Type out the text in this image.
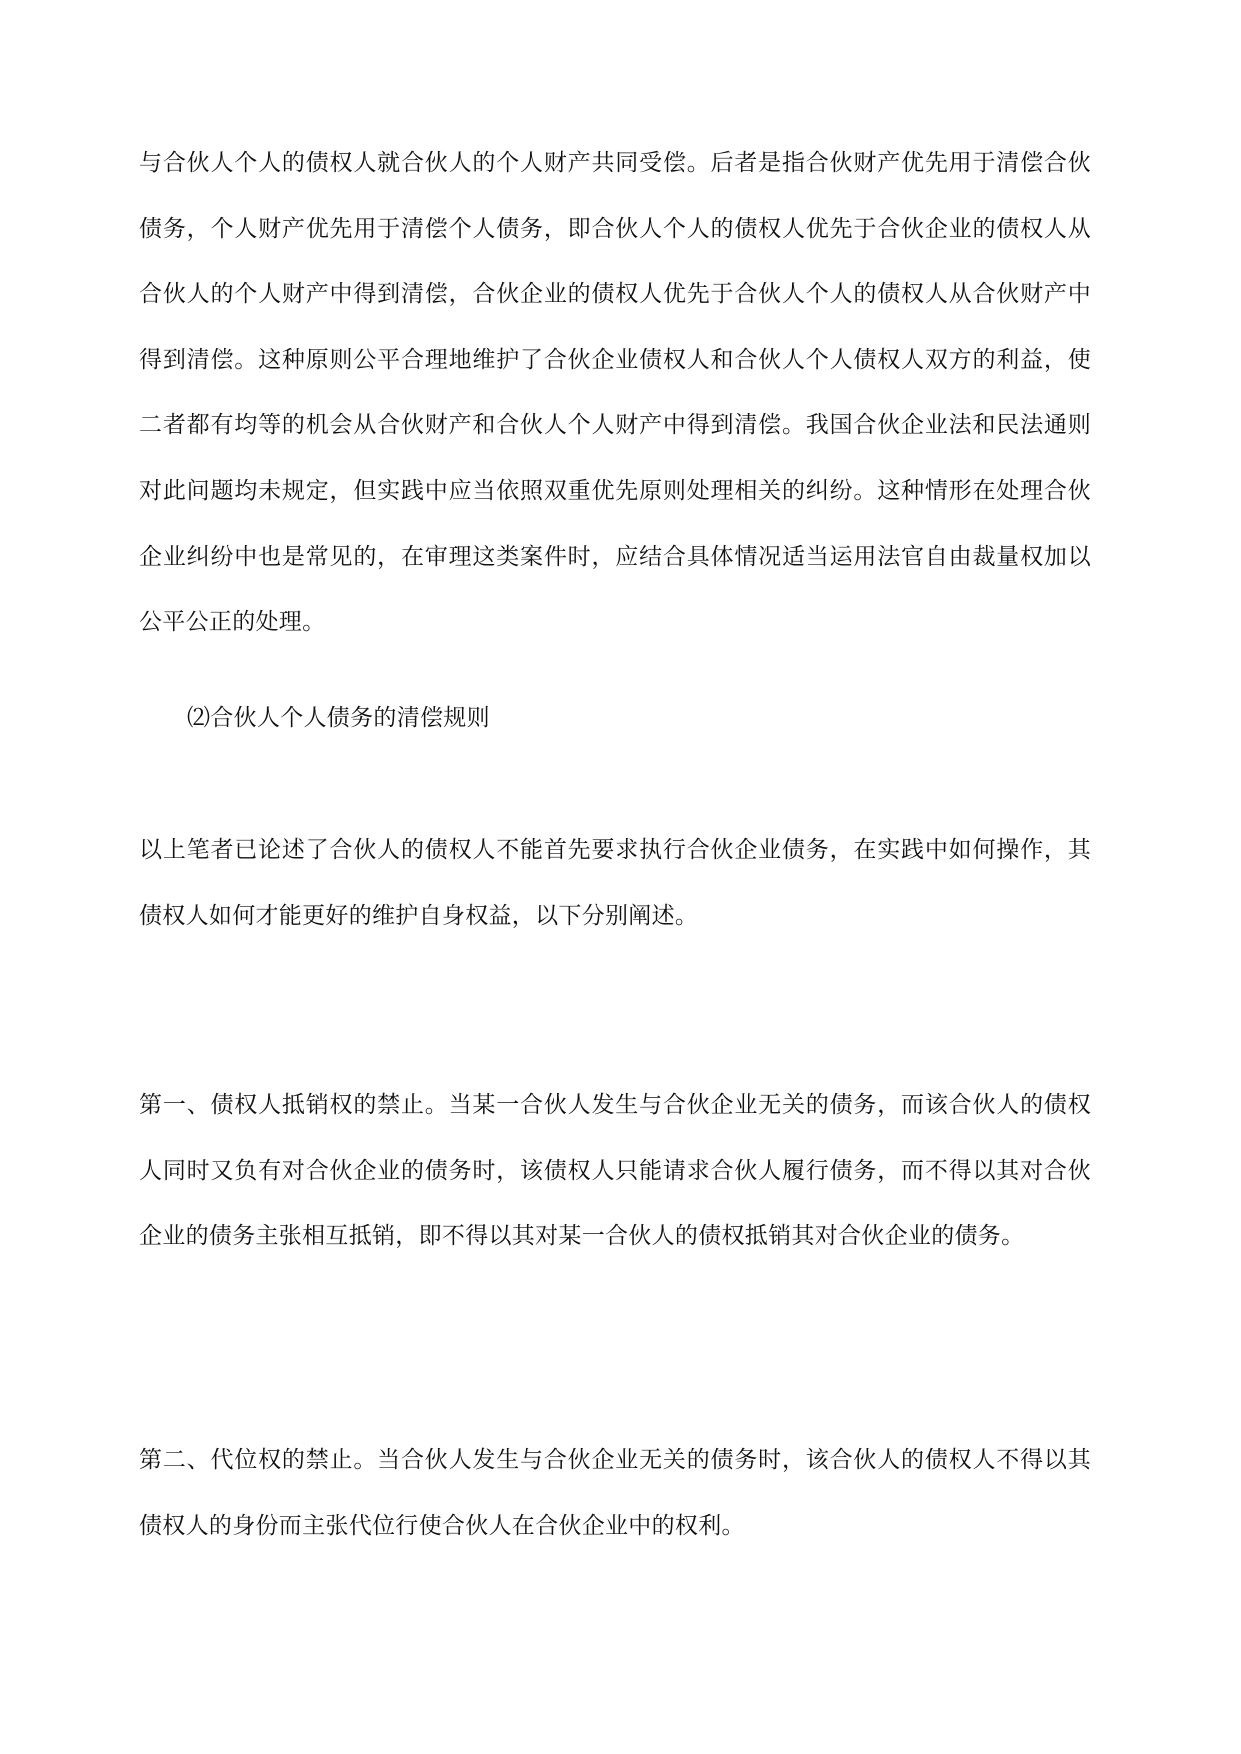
与合伙人个人的债权人就合伙人的个人财产共同受偿。后者是指合伙财产优先用于清偿合伙债务，个人财产优先用于清偿个人债务，即合伙人个人的债权人优先于合伙企业的债权人从合伙人的个人财产中得到清偿，合伙企业的债权人优先于合伙人个人的债权人从合伙财产中得到清偿。这种原则公平合理地维护了合伙企业债权人和合伙人个人债权人双方的利益，使二者都有均等的机会从合伙财产和合伙人个人财产中得到清偿。我国合伙企业法和民法通则对此问题均未规定，但实践中应当依照双重优先原则处理相关的纠纷。这种情形在处理合伙企业纠纷中也是常见的，在审理这类案件时，应结合具体情况适当运用法官自由裁量权加以公平公正的处理。

⑵合伙人个人债务的清偿规则

以上笔者已论述了合伙人的债权人不能首先要求执行合伙企业债务，在实践中如何操作，其债权人如何才能更好的维护自身权益，以下分别阐述。

第一、债权人抵销权的禁止。当某一合伙人发生与合伙企业无关的债务，而该合伙人的债权人同时又负有对合伙企业的债务时，该债权人只能请求合伙人履行债务，而不得以其对合伙企业的债务主张相互抵销，即不得以其对某一合伙人的债权抵销其对合伙企业的债务。

第二、代位权的禁止。当合伙人发生与合伙企业无关的债务时，该合伙人的债权人不得以其债权人的身份而主张代位行使合伙人在合伙企业中的权利。
